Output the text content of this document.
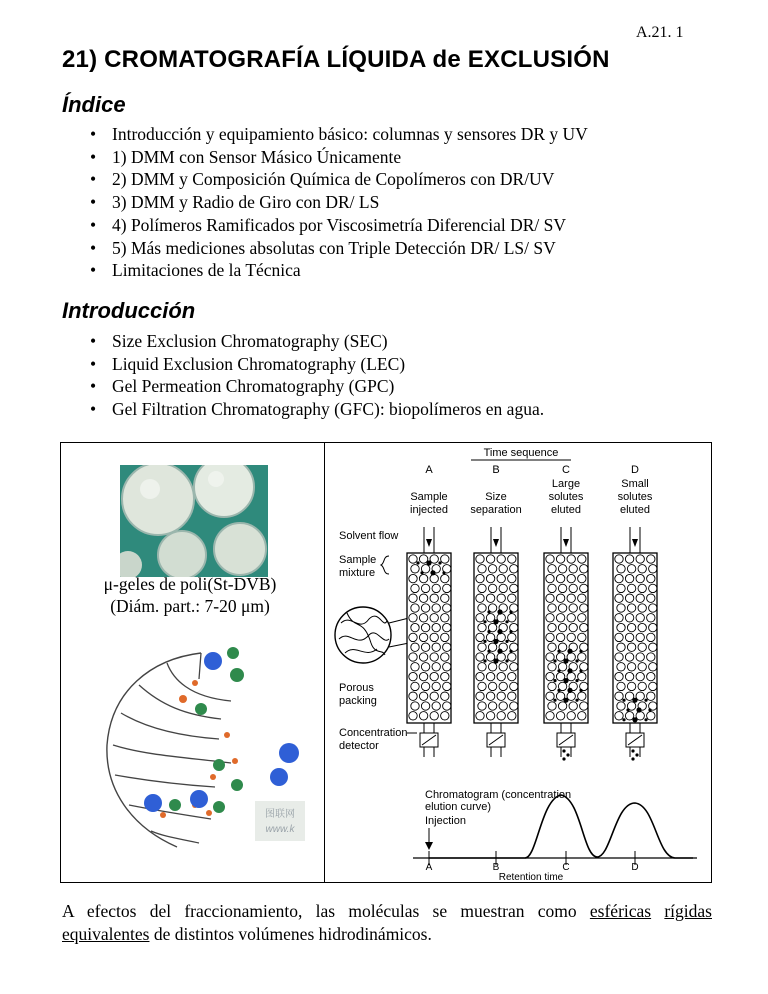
A.21. 1
21) CROMATOGRAFÍA LÍQUIDA de EXCLUSIÓN
Índice
• Introducción y equipamiento básico: columnas y sensores DR y UV
• 1) DMM con Sensor Másico Únicamente
• 2) DMM y Composición Química de Copolímeros con DR/UV
• 3) DMM y Radio de Giro con DR/ LS
• 4) Polímeros Ramificados por Viscosimetría Diferencial DR/ SV
• 5) Más mediciones absolutas con Triple Detección DR/ LS/ SV
• Limitaciones de la Técnica
Introducción
• Size Exclusion Chromatography (SEC)
• Liquid Exclusion Chromatography (LEC)
• Gel Permeation Chromatography (GPC)
• Gel Filtration Chromatography (GFC): biopolímeros en agua.
μ-geles de poli(St-DVB)
(Diám. part.: 7-20 μm)
图联网
www.k
Time sequence
A
Sample
injected
B
Size
separation
C
Large
solutes
eluted
D
Small
solutes
eluted
Solvent flow
Sample
mixture
Porous
packing
Concentration
detector
Chromatogram (concentration
elution curve)
Injection
A	B	C	D
Retention time

A efectos del fraccionamiento, las moléculas se muestran como esféricas rígidas equivalentes de distintos volúmenes hidrodinámicos.
